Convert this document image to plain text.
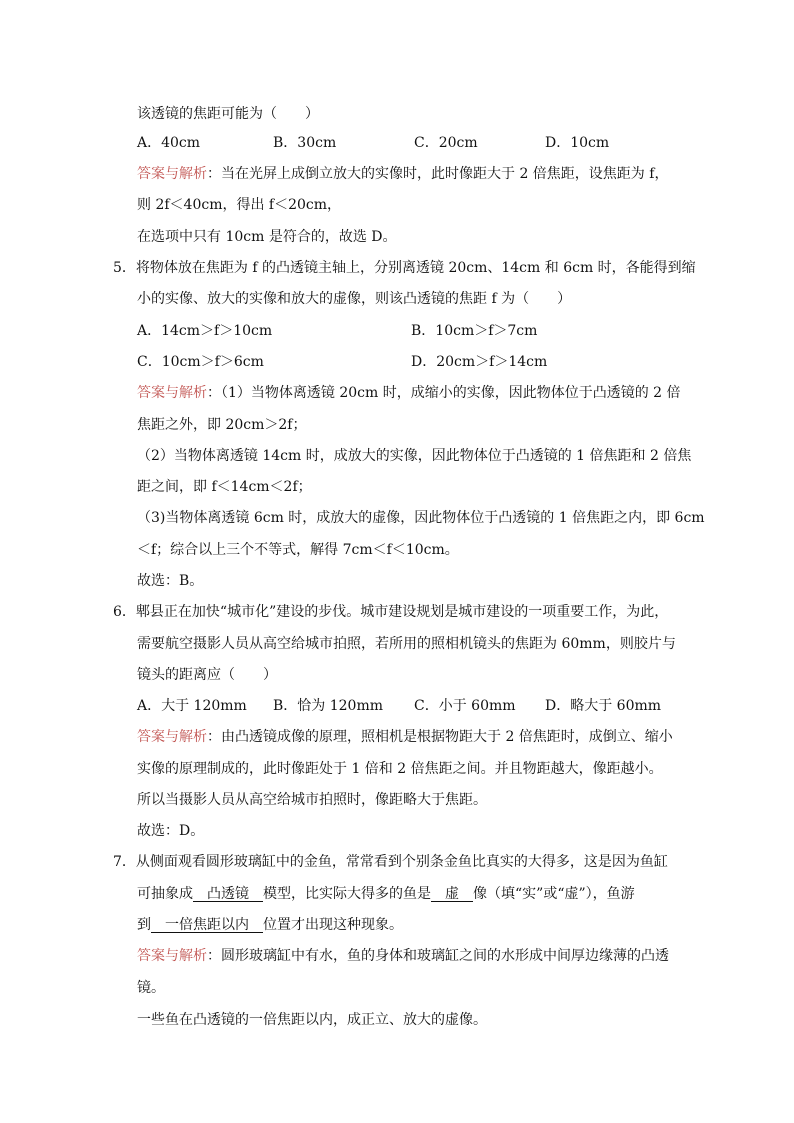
该透镜的焦距可能为（　　）
A．40cm	B．30cm	C．20cm	D．10cm
答案与解析：当在光屏上成倒立放大的实像时，此时像距大于 2 倍焦距，设焦距为 f，
则 2f＜40cm，得出 f＜20cm，
在选项中只有 10cm 是符合的，故选 D。
5．将物体放在焦距为 f 的凸透镜主轴上，分别离透镜 20cm、14cm 和 6cm 时，各能得到缩
小的实像、放大的实像和放大的虚像，则该凸透镜的焦距 f 为（　　）
A．14cm＞f＞10cm	B．10cm＞f＞7cm
C．10cm＞f＞6cm	D．20cm＞f＞14cm
答案与解析：（1）当物体离透镜 20cm 时，成缩小的实像，因此物体位于凸透镜的 2 倍
焦距之外，即 20cm＞2f；
（2）当物体离透镜 14cm 时，成放大的实像，因此物体位于凸透镜的 1 倍焦距和 2 倍焦
距之间，即 f＜14cm＜2f；
（3)当物体离透镜 6cm 时，成放大的虚像，因此物体位于凸透镜的 1 倍焦距之内，即 6cm
＜f；综合以上三个不等式，解得 7cm＜f＜10cm。
故选：B。
6．郫县正在加快“城市化”建设的步伐。城市建设规划是城市建设的一项重要工作，为此，
需要航空摄影人员从高空给城市拍照，若所用的照相机镜头的焦距为 60mm，则胶片与
镜头的距离应（　　）
A．大于 120mm B．恰为 120mm C．小于 60mm D．略大于 60mm
答案与解析：由凸透镜成像的原理，照相机是根据物距大于 2 倍焦距时，成倒立、缩小
实像的原理制成的，此时像距处于 1 倍和 2 倍焦距之间。并且物距越大，像距越小。
所以当摄影人员从高空给城市拍照时，像距略大于焦距。
故选：D。
7．从侧面观看圆形玻璃缸中的金鱼，常常看到个别条金鱼比真实的大得多，这是因为鱼缸
可抽象成　凸透镜　模型，比实际大得多的鱼是　虚　像（填“实”或“虚”），鱼游
到　一倍焦距以内　位置才出现这种现象。
答案与解析：圆形玻璃缸中有水，鱼的身体和玻璃缸之间的水形成中间厚边缘薄的凸透
镜。
一些鱼在凸透镜的一倍焦距以内，成正立、放大的虚像。
